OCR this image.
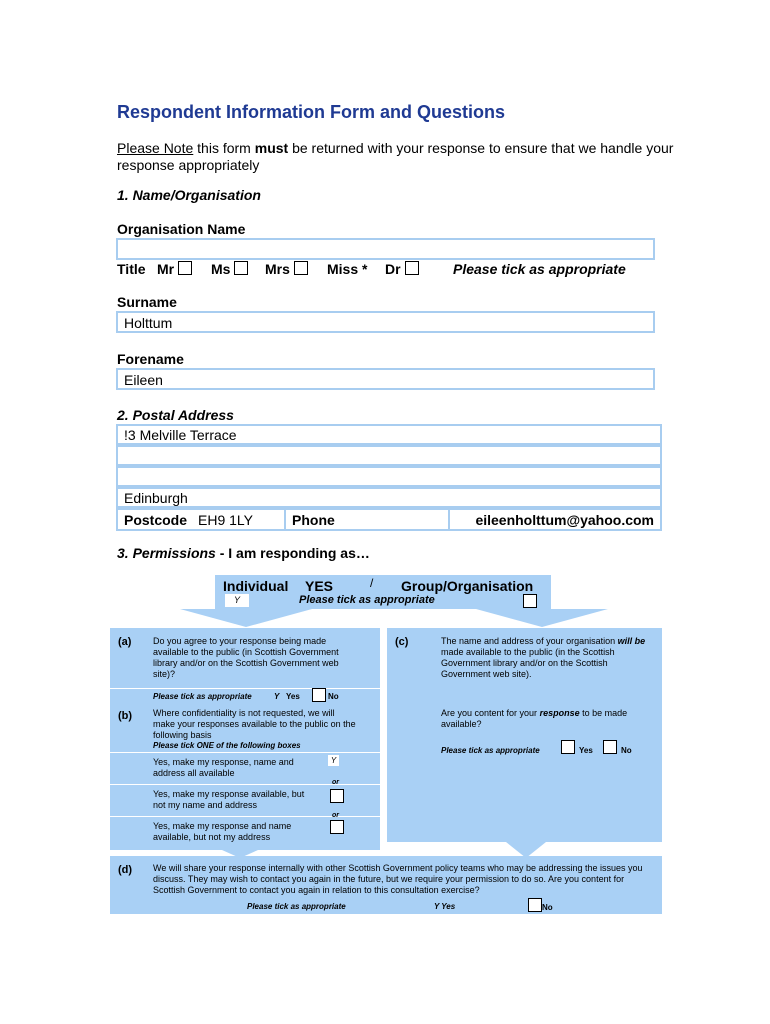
Respondent Information Form and Questions
Please Note this form must be returned with your response to ensure that we handle your response appropriately
1. Name/Organisation
Organisation Name
Title Mr	Ms	Mrs	Miss * Dr	Please tick as appropriate
Surname
Holttum
Forename
Eileen
2. Postal Address
!3 Melville Terrace
Edinburgh
Postcode EH9 1LY	Phone	eileenholttum@yahoo.com
3. Permissions - I am responding as…
Individual YES	/ Group/Organisation
Y	Please tick as appropriate
(a) Do you agree to your response being made available to the public (in Scottish Government library and/or on the Scottish Government web site)?
Please tick as appropriate	Y Yes	No
(b) Where confidentiality is not requested, we will make your responses available to the public on the following basis
Please tick ONE of the following boxes
Yes, make my response, name and address all available
Y
or
Yes, make my response available, but not my name and address
or
Yes, make my response and name available, but not my address
(c)	The name and address of your organisation will be made available to the public (in the Scottish Government library and/or on the Scottish Government web site).
Are you content for your response to be made available?
Please tick as appropriate	Yes	No
(d) We will share your response internally with other Scottish Government policy teams who may be addressing the issues you discuss. They may wish to contact you again in the future, but we require your permission to do so. Are you content for Scottish Government to contact you again in relation to this consultation exercise?
Please tick as appropriate	Y Yes	No
